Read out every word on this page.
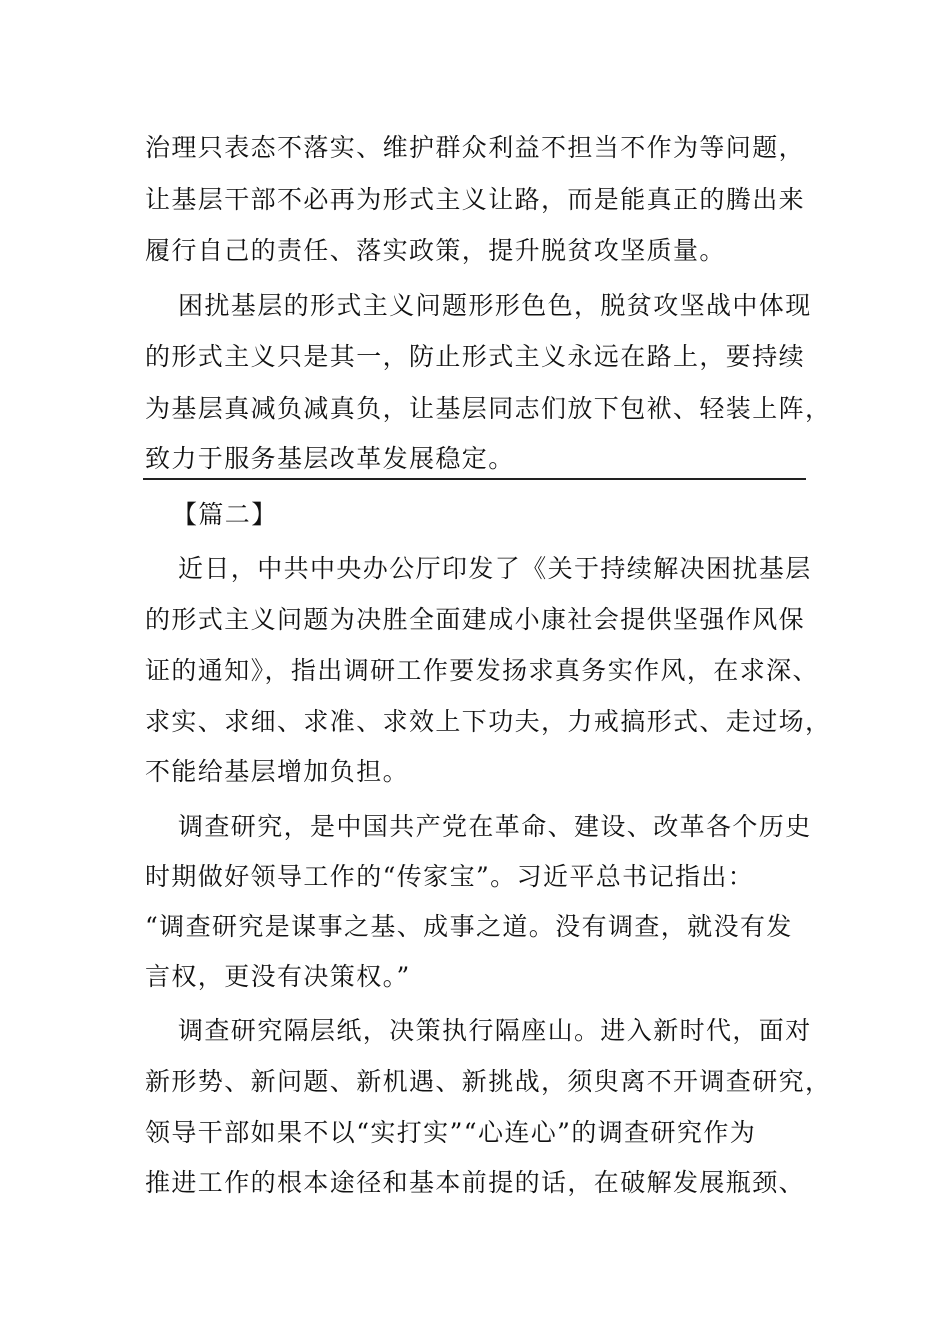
治理只表态不落实、维护群众利益不担当不作为等问题，
让基层干部不必再为形式主义让路，而是能真正的腾出来
履行自己的责任、落实政策，提升脱贫攻坚质量。
困扰基层的形式主义问题形形色色，脱贫攻坚战中体现
的形式主义只是其一，防止形式主义永远在路上，要持续
为基层真减负减真负，让基层同志们放下包袱、轻装上阵，
致力于服务基层改革发展稳定。
【篇二】
近日，中共中央办公厅印发了《关于持续解决困扰基层
的形式主义问题为决胜全面建成小康社会提供坚强作风保
证的通知》，指出调研工作要发扬求真务实作风，在求深、
求实、求细、求准、求效上下功夫，力戒搞形式、走过场，
不能给基层增加负担。
调查研究，是中国共产党在革命、建设、改革各个历史
时期做好领导工作的“传家宝”。习近平总书记指出：
“调查研究是谋事之基、成事之道。没有调查，就没有发
言权，更没有决策权。”
调查研究隔层纸，决策执行隔座山。进入新时代，面对
新形势、新问题、新机遇、新挑战，须臾离不开调查研究，
领导干部如果不以“实打实”“心连心”的调查研究作为
推进工作的根本途径和基本前提的话，在破解发展瓶颈、
